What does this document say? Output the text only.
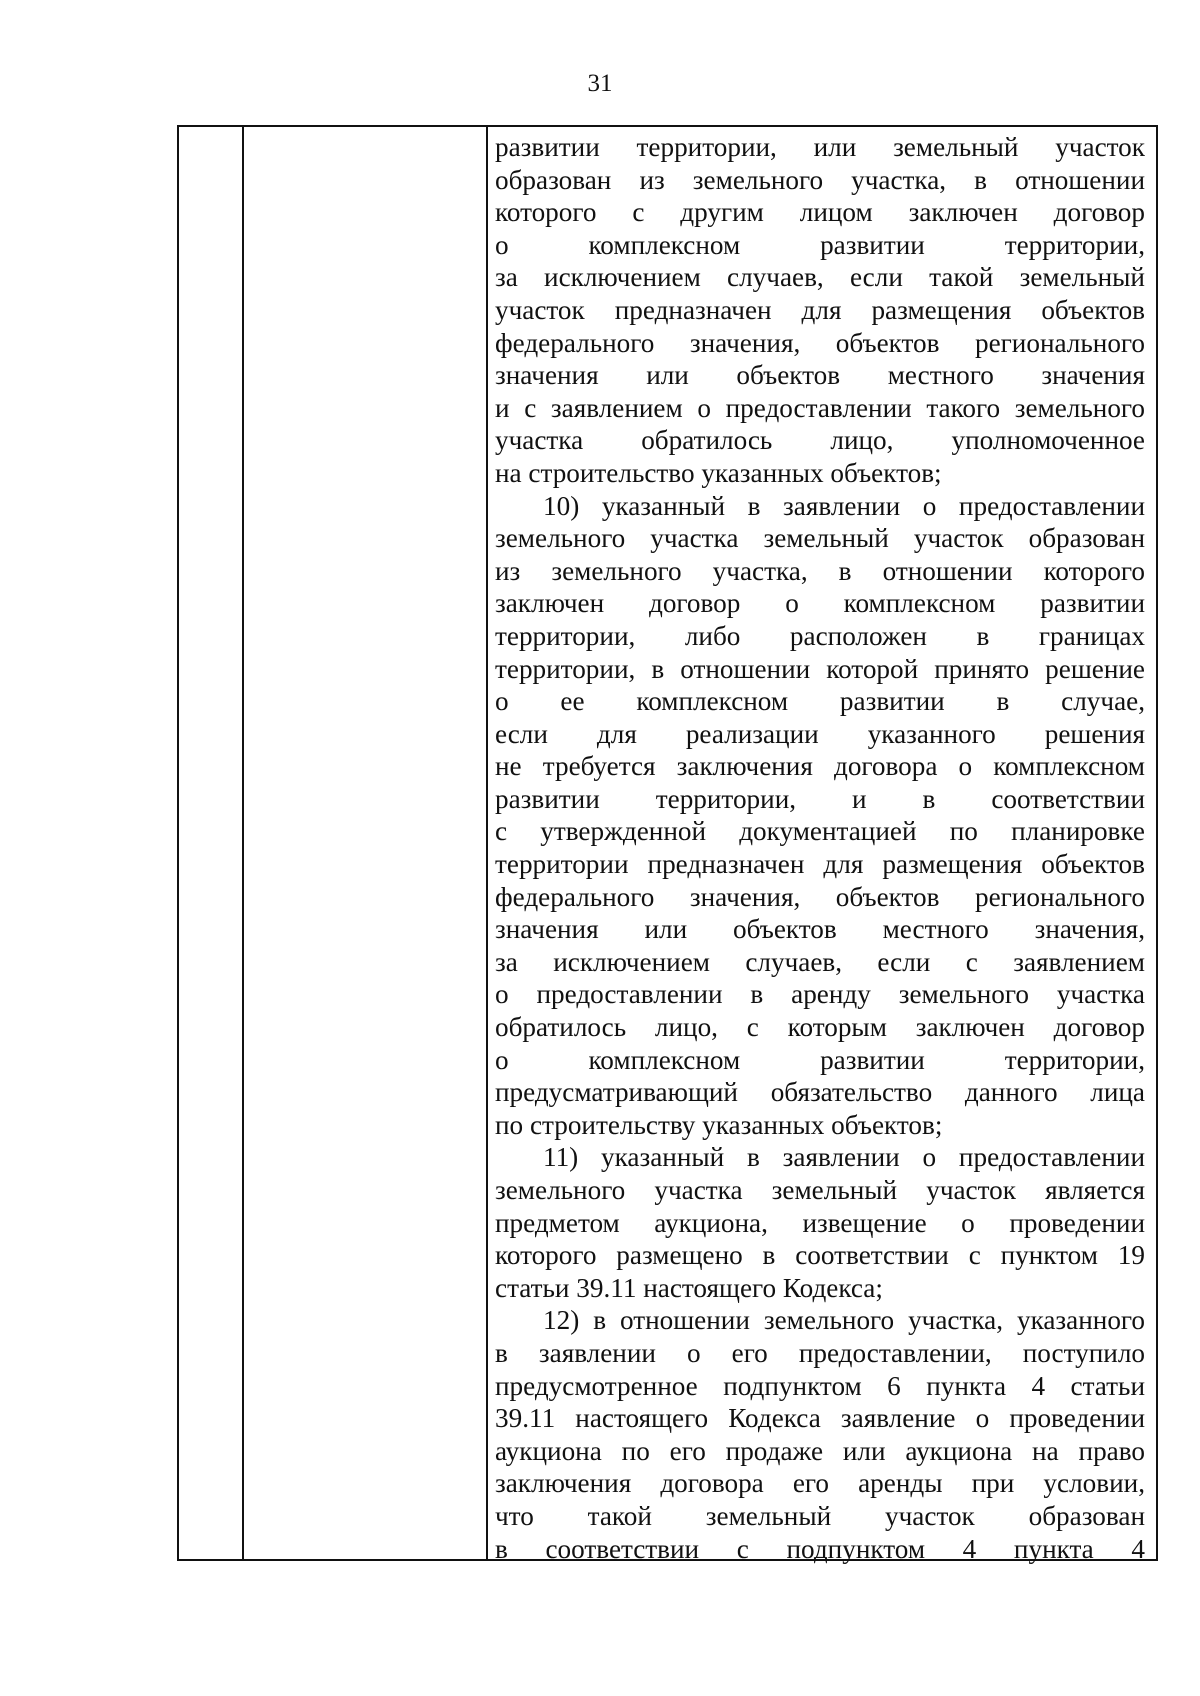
31
развитии территории, или земельный участок
образован из земельного участка, в отношении
которого с другим лицом заключен договор
о комплексном развитии территории,
за исключением случаев, если такой земельный
участок предназначен для размещения объектов
федерального значения, объектов регионального
значения или объектов местного значения
и с заявлением о предоставлении такого земельного
участка обратилось лицо, уполномоченное
на строительство указанных объектов;
10) указанный в заявлении о предоставлении
земельного участка земельный участок образован
из земельного участка, в отношении которого
заключен договор о комплексном развитии
территории, либо расположен в границах
территории, в отношении которой принято решение
о ее комплексном развитии в случае,
если для реализации указанного решения
не требуется заключения договора о комплексном
развитии территории, и в соответствии
с утвержденной документацией по планировке
территории предназначен для размещения объектов
федерального значения, объектов регионального
значения или объектов местного значения,
за исключением случаев, если с заявлением
о предоставлении в аренду земельного участка
обратилось лицо, с которым заключен договор
о комплексном развитии территории,
предусматривающий обязательство данного лица
по строительству указанных объектов;
11) указанный в заявлении о предоставлении
земельного участка земельный участок является
предметом аукциона, извещение о проведении
которого размещено в соответствии с пунктом 19
статьи 39.11 настоящего Кодекса;
12) в отношении земельного участка, указанного
в заявлении о его предоставлении, поступило
предусмотренное подпунктом 6 пункта 4 статьи
39.11 настоящего Кодекса заявление о проведении
аукциона по его продаже или аукциона на право
заключения договора его аренды при условии,
что такой земельный участок образован
в соответствии с подпунктом 4 пункта 4
